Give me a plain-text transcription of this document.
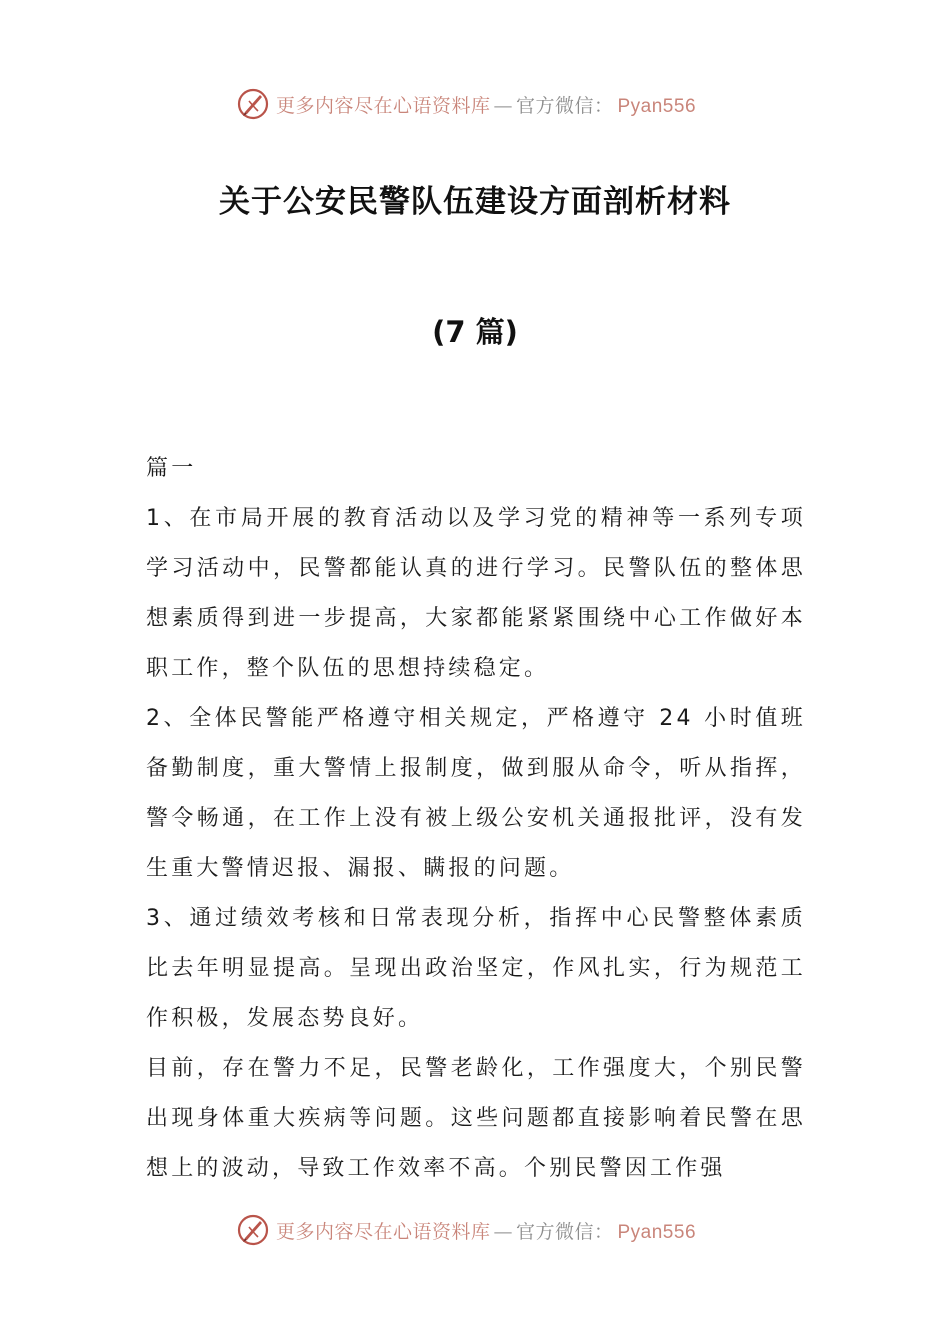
更多内容尽在心语资料库 — 官方微信： Pyan556
关于公安民警队伍建设方面剖析材料
(7 篇)

篇一

1、在市局开展的教育活动以及学习党的精神等一系列专项学习活动中，民警都能认真的进行学习。民警队伍的整体思想素质得到进一步提高，大家都能紧紧围绕中心工作做好本职工作，整个队伍的思想持续稳定。

2、全体民警能严格遵守相关规定，严格遵守 24 小时值班备勤制度，重大警情上报制度，做到服从命令，听从指挥，警令畅通，在工作上没有被上级公安机关通报批评，没有发生重大警情迟报、漏报、瞒报的问题。

3、通过绩效考核和日常表现分析，指挥中心民警整体素质比去年明显提高。呈现出政治坚定，作风扎实，行为规范工作积极，发展态势良好。

目前，存在警力不足，民警老龄化，工作强度大，个别民警出现身体重大疾病等问题。这些问题都直接影响着民警在思想上的波动，导致工作效率不高。个别民警因工作强

更多内容尽在心语资料库 — 官方微信： Pyan556
